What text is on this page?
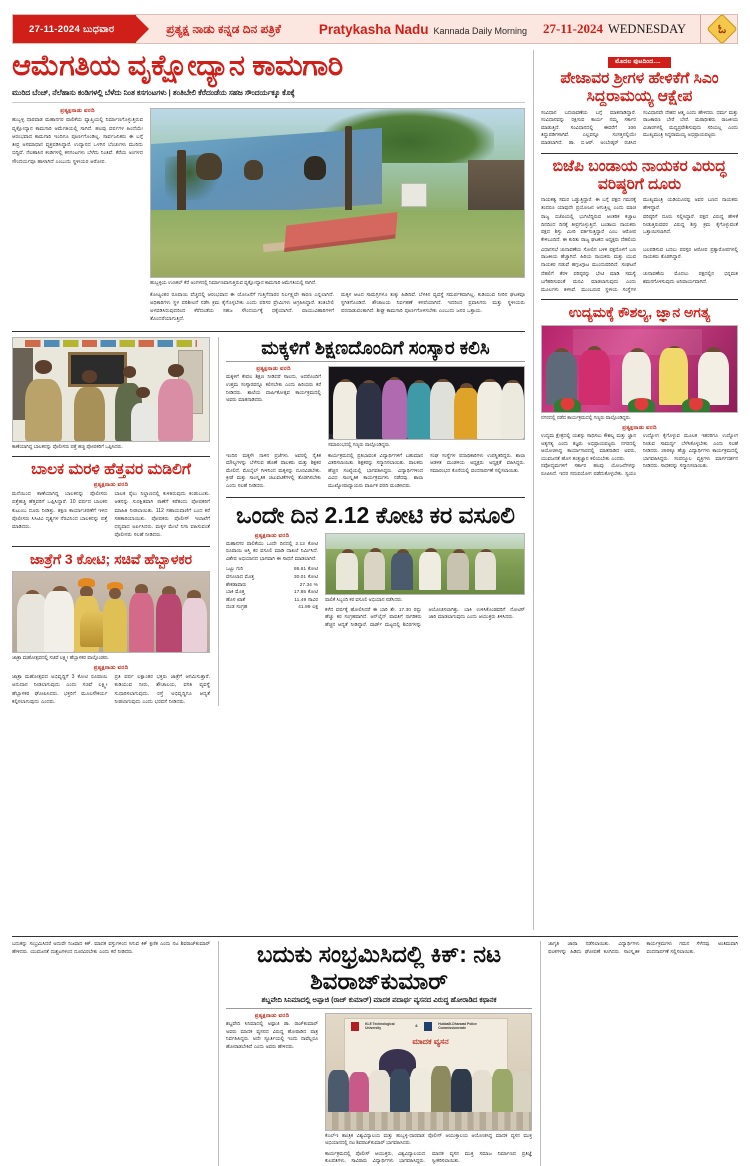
27-11-2024 ಬುಧವಾರ	ಪ್ರತ್ಯಕ್ಷ ನಾಡು ಕನ್ನಡ ದಿನ ಪತ್ರಿಕೆ	Pratykasha Nadu Kannada Daily Morning 27-11-2024 WEDNESDAY	ಓ
ಆಮೆಗತಿಯ ವೃಕ್ಷೋದ್ಯಾನ ಕಾಮಗಾರಿ
ಮುರಿದ ಬೆಂಚ್, ನೆಲೆಹಾಸು ಕಂಡಿಗಳಲ್ಲಿ ಬೆಳೆದು ನಿಂತ ಕಸಗಂಟಗಳು | ತಂತಿಬೇಲಿ ಕೆರೆದಂಡೆಯ ಸಹಜ ಸೌಂದರ್ಯಕ್ಕೂ ಕೊಕ್ಕೆ
ಪ್ರತ್ಯಕ್ಷನಾಡು ವರದಿ
ಹುಬ್ಬಳ್ಳಿ ಧಾರವಾಡ ಮಹಾನಗರ ಪಾಲಿಕೆಯ ವ್ಯಾಪ್ತಿಯಲ್ಲಿ ನಿರ್ಮಾಣಗೊಳ್ಳುತ್ತಿರುವ ವೃಕ್ಷೋದ್ಯಾನ ಕಾಮಗಾರಿ ಆಮೆಗತಿಯಲ್ಲಿ ಸಾಗಿದೆ. ಹಲವು ವರ್ಷಗಳ ಹಿಂದೆಯೇ ಆರಂಭವಾದ ಕಾಮಗಾರಿ ಇಂದಿಗೂ ಪೂರ್ಣಗೊಂಡಿಲ್ಲ. ಸಾರ್ವಜನಿಕರು ಈ ಬಗ್ಗೆ ತೀವ್ರ ಅಸಮಾಧಾನ ವ್ಯಕ್ತಪಡಿಸಿದ್ದಾರೆ. ಉದ್ಯಾನದ ಒಳಗಿನ ಬೆಂಚುಗಳು ಮುರಿದು ಬಿದ್ದಿವೆ. ನೆಲಹಾಸಿನ ಕಂಡಿಗಳಲ್ಲಿ ಕಸಗಂಟಗಳು ಬೆಳೆದು ನಿಂತಿವೆ. ಕೆರೆಯ ಅಂಗಳದ ಸೌಂದರ್ಯವೂ ಹಾಳಾಗಿದೆ ಎಂಬುದು ಸ್ಥಳೀಯರ ಆರೋಪ.
ಹುಬ್ಬಳ್ಳಿಯ ಉಣಕಲ್ ಕೆರೆ ಅಂಗಳದಲ್ಲಿ ನಿರ್ಮಾಣವಾಗುತ್ತಿರುವ ವೃಕ್ಷೋದ್ಯಾನ ಕಾಮಗಾರಿ ಆಮೆಗತಿಯಲ್ಲಿ ಸಾಗಿದೆ.
ಕೋಟ್ಯಂತರ ರೂಪಾಯಿ ವೆಚ್ಚದಲ್ಲಿ ಆರಂಭವಾದ ಈ ಯೋಜನೆಗೆ ಗುತ್ತಿಗೆದಾರರ ನಿರ್ಲಕ್ಷ್ಯವೇ ಕಾರಣ ಎನ್ನಲಾಗಿದೆ. ಅಧಿಕಾರಿಗಳು ಸ್ಥಳ ಪರಿಶೀಲನೆ ನಡೆಸಿ ಕ್ರಮ ಕೈಗೊಳ್ಳಬೇಕು ಎಂದು ಪರಿಸರ ಪ್ರೇಮಿಗಳು ಆಗ್ರಹಿಸಿದ್ದಾರೆ. ತಂತಿಬೇಲಿ ಅಳವಡಿಸಿರುವುದರಿಂದ ಕೆರೆದಂಡೆಯ ಸಹಜ ಸೌಂದರ್ಯಕ್ಕೆ ಧಕ್ಕೆಯಾಗಿದೆ. ವಾಯುವಿಹಾರಿಗಳಿಗೆ ತೊಂದರೆಯಾಗುತ್ತಿದೆ.
ಮಕ್ಕಳ ಆಟದ ಸಾಮಗ್ರಿಗಳೂ ತುಕ್ಕು ಹಿಡಿದಿವೆ. ಬೆಳಕಿನ ವ್ಯವಸ್ಥೆ ಸಮರ್ಪಕವಾಗಿಲ್ಲ. ಕುಡಿಯುವ ನೀರಿನ ಘಟಕವೂ ಸ್ಥಗಿತಗೊಂಡಿದೆ. ಶೌಚಾಲಯ ನಿರ್ವಹಣೆ ಕಳಪೆಯಾಗಿದೆ. ಇದರಿಂದ ಪ್ರವಾಸಿಗರು ಮತ್ತು ಸ್ಥಳೀಯರು ಪರದಾಡುವಂತಾಗಿದೆ. ಶೀಘ್ರ ಕಾಮಗಾರಿ ಪೂರ್ಣಗೊಳಿಸಬೇಕು ಎಂಬುದು ಜನರ ಒತ್ತಾಯ.
ಕಾಣೆಯಾಗಿದ್ದ ಬಾಲಕನನ್ನು ಪೊಲೀಸರು ಪತ್ತೆ ಹಚ್ಚಿ ಪೋಷಕರಿಗೆ ಒಪ್ಪಿಸಿದರು.
ಬಾಲಕ ಮರಳಿ ಹೆತ್ತವರ ಮಡಿಲಿಗೆ
ಪ್ರತ್ಯಕ್ಷನಾಡು ವರದಿ
ಮನೆಯಿಂದ ಕಾಣೆಯಾಗಿದ್ದ ಬಾಲಕನನ್ನು ಪೊಲೀಸರು ಪತ್ತೆಹಚ್ಚಿ ಹೆತ್ತವರಿಗೆ ಒಪ್ಪಿಸಿದ್ದಾರೆ. 10 ವರ್ಷದ ಬಾಲಕನ ಕುಟುಂಬ ದೂರು ನೀಡಿತ್ತು. ತಕ್ಷಣ ಕಾರ್ಯಾಚರಣೆಗೆ ಇಳಿದ ಪೊಲೀಸರು ಸಿಸಿಟಿವಿ ದೃಶ್ಯಗಳ ನೆರವಿನಿಂದ ಬಾಲಕನನ್ನು ಪತ್ತೆ ಮಾಡಿದರು.
ಬಾಲಕ ರೈಲು ನಿಲ್ದಾಣದಲ್ಲಿ ಕುಳಿತಿರುವುದು ಕಂಡುಬಂತು. ಆತನನ್ನು ಸುರಕ್ಷಿತವಾಗಿ ಠಾಣೆಗೆ ಕರೆತಂದು ಪೋಷಕರಿಗೆ ಮಾಹಿತಿ ನೀಡಲಾಯಿತು. 112 ಸಹಾಯವಾಣಿಗೆ ಬಂದ ಕರೆ ಸಹಕಾರಿಯಾಯಿತು. ಪೋಷಕರು ಪೊಲೀಸ್ ಇಲಾಖೆಗೆ ಧನ್ಯವಾದ ಅರ್ಪಿಸಿದರು. ಮಕ್ಕಳ ಮೇಲೆ ನಿಗಾ ವಹಿಸುವಂತೆ ಪೊಲೀಸರು ಸಲಹೆ ನೀಡಿದರು.
ಜಾತ್ರೆಗೆ 3 ಕೋಟಿ; ಸಚಿವೆ ಹೆಬ್ಬಾಳಕರ
ಜಾತ್ರಾ ಮಹೋತ್ಸವದಲ್ಲಿ ಸಚಿವೆ ಲಕ್ಷ್ಮೀ ಹೆಬ್ಬಾಳಕರ ಪಾಲ್ಗೊಂಡರು.
ಪ್ರತ್ಯಕ್ಷನಾಡು ವರದಿ
ಜಾತ್ರಾ ಮಹೋತ್ಸವದ ಅಭಿವೃದ್ಧಿಗೆ 3 ಕೋಟಿ ರೂಪಾಯಿ ಅನುದಾನ ನೀಡಲಾಗುವುದು ಎಂದು ಸಚಿವೆ ಲಕ್ಷ್ಮೀ ಹೆಬ್ಬಾಳಕರ ಘೋಷಿಸಿದರು. ಭಕ್ತರಿಗೆ ಮೂಲಸೌಕರ್ಯ ಕಲ್ಪಿಸಲಾಗುವುದು ಎಂದರು.
ಪ್ರತಿ ವರ್ಷ ಲಕ್ಷಾಂತರ ಭಕ್ತರು ಜಾತ್ರೆಗೆ ಆಗಮಿಸುತ್ತಾರೆ. ಕುಡಿಯುವ ನೀರು, ಶೌಚಾಲಯ, ವಸತಿ ವ್ಯವಸ್ಥೆ ಸುಧಾರಿಸಲಾಗುವುದು. ರಸ್ತೆ ಅಭಿವೃದ್ಧಿಗೂ ಆದ್ಯತೆ ನೀಡಲಾಗುವುದು ಎಂದು ಭರವಸೆ ನೀಡಿದರು.
ಮಕ್ಕಳಿಗೆ ಶಿಕ್ಷಣದೊಂದಿಗೆ ಸಂಸ್ಕಾರ ಕಲಿಸಿ
ಪ್ರತ್ಯಕ್ಷನಾಡು ವರದಿ
ಮಕ್ಕಳಿಗೆ ಕೇವಲ ಶಿಕ್ಷಣ ನೀಡಿದರೆ ಸಾಲದು, ಅದರೊಂದಿಗೆ ಉತ್ತಮ ಸಂಸ್ಕಾರವನ್ನೂ ಕಲಿಸಬೇಕು ಎಂದು ಹಿರಿಯರು ಕರೆ ನೀಡಿದರು. ಶಾಲೆಯ ವಾರ್ಷಿಕೋತ್ಸವ ಕಾರ್ಯಕ್ರಮದಲ್ಲಿ ಅವರು ಮಾತನಾಡಿದರು.
ಸಮಾರಂಭದಲ್ಲಿ ಗಣ್ಯರು ಪಾಲ್ಗೊಂಡಿದ್ದರು.
ಇಂದಿನ ಮಕ್ಕಳೇ ನಾಳಿನ ಪ್ರಜೆಗಳು. ಅವರಲ್ಲಿ ನೈತಿಕ ಮೌಲ್ಯಗಳನ್ನು ಬೆಳೆಸುವ ಹೊಣೆ ಪಾಲಕರು ಮತ್ತು ಶಿಕ್ಷಕರ ಮೇಲಿದೆ. ಮೊಬೈಲ್ ಗೀಳಿನಿಂದ ಮಕ್ಕಳನ್ನು ದೂರವಿಡಬೇಕು. ಕ್ರೀಡೆ ಮತ್ತು ಸಾಂಸ್ಕೃತಿಕ ಚಟುವಟಿಕೆಗಳಲ್ಲಿ ತೊಡಗಿಸಬೇಕು ಎಂದು ಸಲಹೆ ನೀಡಿದರು.
ಕಾರ್ಯಕ್ರಮದಲ್ಲಿ ಪ್ರತಿಭಾವಂತ ವಿದ್ಯಾರ್ಥಿಗಳಿಗೆ ಬಹುಮಾನ ವಿತರಿಸಲಾಯಿತು. ಶಿಕ್ಷಕರನ್ನು ಸನ್ಮಾನಿಸಲಾಯಿತು. ಪಾಲಕರು ಹೆಚ್ಚಿನ ಸಂಖ್ಯೆಯಲ್ಲಿ ಭಾಗವಹಿಸಿದ್ದರು. ವಿದ್ಯಾರ್ಥಿಗಳಿಂದ ವಿವಿಧ ಸಾಂಸ್ಕೃತಿಕ ಕಾರ್ಯಕ್ರಮಗಳು ನಡೆದವು. ಶಾಲಾ ಮುಖ್ಯೋಪಾಧ್ಯಾಯರು ವಾರ್ಷಿಕ ವರದಿ ಮಂಡಿಸಿದರು.
ಸಂಘ ಸಂಸ್ಥೆಗಳ ಪದಾಧಿಕಾರಿಗಳು ಉಪಸ್ಥಿತರಿದ್ದರು. ಶಾಲಾ ಆಡಳಿತ ಮಂಡಳಿಯ ಅಧ್ಯಕ್ಷರು ಅಧ್ಯಕ್ಷತೆ ವಹಿಸಿದ್ದರು. ಸಮಾರಂಭದ ಕೊನೆಯಲ್ಲಿ ವಂದನಾರ್ಪಣೆ ಸಲ್ಲಿಸಲಾಯಿತು.
ಒಂದೇ ದಿನ 2.12 ಕೋಟಿ ಕರ ವಸೂಲಿ
ಪ್ರತ್ಯಕ್ಷನಾಡು ವರದಿ
ಮಹಾನಗರ ಪಾಲಿಕೆಯು ಒಂದೇ ದಿನದಲ್ಲಿ 2.12 ಕೋಟಿ ರೂಪಾಯಿ ಆಸ್ತಿ ಕರ ವಸೂಲಿ ಮಾಡಿ ದಾಖಲೆ ನಿರ್ಮಿಸಿದೆ. ವಿಶೇಷ ಅಭಿಯಾನದ ಭಾಗವಾಗಿ ಈ ಸಾಧನೆ ಮಾಡಲಾಗಿದೆ.
ಒಟ್ಟು ಗುರಿ	95.61 ಕೋಟಿ
ವಸೂಲಾದ ಮೊತ್ತ	30.01 ಕೋಟಿ
ಶೇಕಡಾವಾರು	27.34 %
ಬಾಕಿ ಮೊತ್ತ	17.85 ಕೋಟಿ
ಹೊಸ ಖಾತೆ	11.49 ಸಾವಿರ
ದಂಡ ಸಂಗ್ರಹ	41.99 ಲಕ್ಷ
ಪಾಲಿಕೆ ಸಿಬ್ಬಂದಿ ಕರ ವಸೂಲಿ ಅಭಿಯಾನ ನಡೆಸಿದರು.
ಕಳೆದ ವರ್ಷಕ್ಕೆ ಹೋಲಿಸಿದರೆ ಈ ಬಾರಿ ಶೇ. 17.30 ರಷ್ಟು ಹೆಚ್ಚು ಕರ ಸಂಗ್ರಹವಾಗಿದೆ. ಆನ್‌ಲೈನ್ ಪಾವತಿಗೆ ನಾಗರಿಕರು ಹೆಚ್ಚಿನ ಆದ್ಯತೆ ನೀಡಿದ್ದಾರೆ. ವಾರ್ಡ್ ಮಟ್ಟದಲ್ಲಿ ಶಿಬಿರಗಳನ್ನು ಆಯೋಜಿಸಲಾಗಿತ್ತು. ಬಾಕಿ ಉಳಿಸಿಕೊಂಡವರಿಗೆ ನೋಟಿಸ್ ಜಾರಿ ಮಾಡಲಾಗುವುದು ಎಂದು ಆಯುಕ್ತರು ತಿಳಿಸಿದರು.
ಮೊದಲ ಪುಟದಿಂದ....
ಪೇಜಾವರ ಶ್ರೀಗಳ ಹೇಳಿಕೆಗೆ ಸಿಎಂ ಸಿದ್ದರಾಮಯ್ಯ ಆಕ್ಷೇಪ
ಸಂವಿಧಾನ ಬದಲಾವಣೆಯ ಬಗ್ಗೆ ಮಾತನಾಡಿದ್ದಾರೆ. ಸಂವಿಧಾನವನ್ನು ರಕ್ಷಿಸುವ ಕಾರ್ಯ ನಮ್ಮ ಸರ್ಕಾರ ಮಾಡುತ್ತಿದೆ. ಸಂವಿಧಾನದಲ್ಲಿ ಈವರೆಗೆ 106 ತಿದ್ದುಪಡಿಗಳಾಗಿವೆ. ಎಲ್ಲವನ್ನೂ ಸಂಸತ್ತಿನಲ್ಲಿಯೇ ಮಾಡಲಾಗಿದೆ. ಡಾ. ಬಿ.ಆರ್. ಅಂಬೇಡ್ಕರ್ ರಚಿಸಿದ ಸಂವಿಧಾನವೇ ದೇಶದ ಆತ್ಮ ಎಂದು ಹೇಳಿದರು. ಧರ್ಮ ಮತ್ತು ರಾಜಕಾರಣ ಬೇರೆ ಬೇರೆ. ಮಠಾಧೀಶರು ರಾಜಕೀಯ ವಿಚಾರಗಳಲ್ಲಿ ಮಧ್ಯಪ್ರವೇಶಿಸುವುದು ಸರಿಯಲ್ಲ ಎಂದು ಮುಖ್ಯಮಂತ್ರಿ ಸಿದ್ದರಾಮಯ್ಯ ಅಭಿಪ್ರಾಯಪಟ್ಟರು.
ಬಿಜೆಪಿ ಬಂಡಾಯ ನಾಯಕರ ವಿರುದ್ಧ ವರಿಷ್ಠರಿಗೆ ದೂರು
ನಾಯಕತ್ವ ಸಮರ ಒಡ್ಡುತ್ತಿದ್ದಾರೆ. ಈ ಬಗ್ಗೆ ಪಕ್ಷದ ಗಮನಕ್ಕೆ ತಂದರೂ ಯಾವುದೇ ಪ್ರಯೋಜನ ಆಗುತ್ತಿಲ್ಲ ಎಂದು ಮಾಜಿ ಮುಖ್ಯಮಂತ್ರಿ ಯಡಿಯೂರಪ್ಪ ಅವರ ಬಣದ ನಾಯಕರು ಹೇಳಿದ್ದಾರೆ.
ರಾಜ್ಯ ಬಿಜೆಪಿಯಲ್ಲಿ ಭುಗಿಲೆದ್ದಿರುವ ಆಂತರಿಕ ಕಚ್ಚಾಟ ದಿನದಿಂದ ದಿನಕ್ಕೆ ತೀವ್ರಗೊಳ್ಳುತ್ತಿದೆ. ಬಂಡಾಯ ನಾಯಕರು ಪಕ್ಷದ ಶಿಸ್ತು ಮೀರಿ ವರ್ತಿಸುತ್ತಿದ್ದಾರೆ ಎಂಬ ಆರೋಪ ಕೇಳಿಬಂದಿದೆ. ಈ ಕುರಿತು ರಾಜ್ಯ ಘಟಕದ ಅಧ್ಯಕ್ಷರು ದೆಹಲಿಯ ವರಿಷ್ಠರಿಗೆ ದೂರು ಸಲ್ಲಿಸಿದ್ದಾರೆ. ಪಕ್ಷದ ವಿರುದ್ಧ ಹೇಳಿಕೆ ನೀಡುತ್ತಿರುವವರ ವಿರುದ್ಧ ಶಿಸ್ತು ಕ್ರಮ ಕೈಗೊಳ್ಳುವಂತೆ ಒತ್ತಾಯಿಸಲಾಗಿದೆ.
ವಿಧಾನಸಭೆ ಚುನಾವಣೆಯ ಸೋಲಿನ ಬಳಿಕ ಪಕ್ಷದೊಳಗೆ ಬಣ ರಾಜಕೀಯ ಹೆಚ್ಚಾಗಿದೆ. ಹಿರಿಯ ನಾಯಕರು ಮತ್ತು ಯುವ ನಾಯಕರ ನಡುವೆ ಹಗ್ಗಜಗ್ಗಾಟ ಮುಂದುವರಿದಿದೆ. ಸಂಘಟನೆ ಬಲಪಡಿಸುವ ಬದಲು ಪರಸ್ಪರ ಆರೋಪ ಪ್ರತ್ಯಾರೋಪಗಳಲ್ಲಿ ನಾಯಕರು ತೊಡಗಿದ್ದಾರೆ.
ದೆಹಲಿಗೆ ತೆರಳಿ ವರಿಷ್ಠರನ್ನು ಭೇಟಿ ಮಾಡಿ ಸಮಸ್ಯೆ ಬಗೆಹರಿಸುವಂತೆ ಮನವಿ ಮಾಡಲಾಗುವುದು ಎಂದು ಮೂಲಗಳು ತಿಳಿಸಿವೆ. ಮುಂಬರುವ ಸ್ಥಳೀಯ ಸಂಸ್ಥೆಗಳ ಚುನಾವಣೆಯ ಮೊದಲು ಪಕ್ಷದಲ್ಲಿನ ಭಿನ್ನಮತ ಶಮನಗೊಳಿಸುವುದು ಅನಿವಾರ್ಯವಾಗಿದೆ.
ಉದ್ಯಮಕ್ಕೆ ಕೌಶಲ್ಯ, ಜ್ಞಾನ ಅಗತ್ಯ
ನಗರದಲ್ಲಿ ನಡೆದ ಕಾರ್ಯಕ್ರಮದಲ್ಲಿ ಗಣ್ಯರು ಪಾಲ್ಗೊಂಡಿದ್ದರು.
ಪ್ರತ್ಯಕ್ಷನಾಡು ವರದಿ
ಉದ್ಯಮ ಕ್ಷೇತ್ರದಲ್ಲಿ ಯಶಸ್ಸು ಸಾಧಿಸಲು ಕೌಶಲ್ಯ ಮತ್ತು ಜ್ಞಾನ ಅತ್ಯಗತ್ಯ ಎಂದು ತಜ್ಞರು ಅಭಿಪ್ರಾಯಪಟ್ಟರು. ನಗರದಲ್ಲಿ ಆಯೋಜಿಸಿದ್ದ ಕಾರ್ಯಾಗಾರದಲ್ಲಿ ಮಾತನಾಡಿದ ಅವರು, ಯುವಜನತೆ ಹೊಸ ತಂತ್ರಜ್ಞಾನ ಕಲಿಯಬೇಕು ಎಂದರು.
ನವೋದ್ಯಮಗಳಿಗೆ ಸರ್ಕಾರ ಹಲವು ಯೋಜನೆಗಳನ್ನು ರೂಪಿಸಿದೆ. ಇದರ ಸದುಪಯೋಗ ಪಡೆದುಕೊಳ್ಳಬೇಕು. ಸ್ವಯಂ ಉದ್ಯೋಗ ಕೈಗೊಳ್ಳುವ ಮೂಲಕ ಇತರರಿಗೂ ಉದ್ಯೋಗ ನೀಡುವ ಸಾಮರ್ಥ್ಯ ಬೆಳೆಸಿಕೊಳ್ಳಬೇಕು ಎಂದು ಸಲಹೆ ನೀಡಿದರು. 250ಕ್ಕೂ ಹೆಚ್ಚು ವಿದ್ಯಾರ್ಥಿಗಳು ಕಾರ್ಯಕ್ರಮದಲ್ಲಿ ಭಾಗವಹಿಸಿದ್ದರು. ಸಂಪನ್ಮೂಲ ವ್ಯಕ್ತಿಗಳು ಮಾರ್ಗದರ್ಶನ ನೀಡಿದರು. ಸಾಧಕರನ್ನು ಸನ್ಮಾನಿಸಲಾಯಿತು.
ಬದುಕನ್ನು ಸಂಭ್ರಮಿಸಿದರೆ ಅದುವೇ ನಿಜವಾದ ಕಿಕ್. ಮಾದಕ ವಸ್ತುಗಳಿಂದ ಸಿಗುವ ಕಿಕ್ ಕ್ಷಣಿಕ ಎಂದು ನಟ ಶಿವರಾಜ್‌ಕುಮಾರ್ ಹೇಳಿದರು. ಯುವಜನತೆ ದುಶ್ಚಟಗಳಿಂದ ದೂರವಿರಬೇಕು ಎಂದು ಕರೆ ನೀಡಿದರು.	ಬದುಕು ಸಂಭ್ರಮಿಸಿದಲ್ಲಿ ಕಿಕ್: ನಟ ಶಿವರಾಜ್‌ಕುಮಾರ್
ಶಬ್ದವೇದಿ ಸಿನಿಮಾದಲ್ಲಿ ಅಪ್ಪಾಜಿ (ರಾಜ್ ಕುಮಾರ್) ಮಾದಕ ಪದಾರ್ಥ ವ್ಯಸನದ ವಿರುದ್ಧ ಹೋರಾಡಿದ ಕಥಾನಕ
ಪ್ರತ್ಯಕ್ಷನಾಡು ವರದಿ
ಶಬ್ದವೇದಿ ಸಿನಿಮಾದಲ್ಲಿ ಅಪ್ಪಾಜಿ ಡಾ. ರಾಜ್‌ಕುಮಾರ್ ಅವರು ಮಾದಕ ವ್ಯಸನದ ವಿರುದ್ಧ ಹೋರಾಡಿದ ಪಾತ್ರ ನಿರ್ವಹಿಸಿದ್ದರು. ಅದೇ ಸ್ಫೂರ್ತಿಯಲ್ಲಿ ಇಂದು ನಾವೆಲ್ಲರೂ ಹೋರಾಡಬೇಕಿದೆ ಎಂದು ಅವರು ಹೇಳಿದರು.
KLE Technological University	&	Hubballi-Dharwad Police Commissionerate
ಮಾದಕ ವ್ಯಸನ
ಕೆಎಲ್‌ಇ ತಾಂತ್ರಿಕ ವಿಶ್ವವಿದ್ಯಾಲಯ ಮತ್ತು ಹುಬ್ಬಳ್ಳಿ-ಧಾರವಾಡ ಪೊಲೀಸ್ ಆಯುಕ್ತಾಲಯ ಆಯೋಜಿಸಿದ್ದ ಮಾದಕ ವ್ಯಸನ ಮುಕ್ತ ಅಭಿಯಾನದಲ್ಲಿ ನಟ ಶಿವರಾಜ್‌ಕುಮಾರ್ ಭಾಗವಹಿಸಿದರು.
ಕಾರ್ಯಕ್ರಮದಲ್ಲಿ ಪೊಲೀಸ್ ಆಯುಕ್ತರು, ವಿಶ್ವವಿದ್ಯಾಲಯದ ಕುಲಪತಿಗಳು, ಸಾವಿರಾರು ವಿದ್ಯಾರ್ಥಿಗಳು ಭಾಗವಹಿಸಿದ್ದರು. ಮಾದಕ ವ್ಯಸನ ಮುಕ್ತ ಸಮಾಜ ನಿರ್ಮಾಣದ ಪ್ರತಿಜ್ಞೆ ಸ್ವೀಕರಿಸಲಾಯಿತು.
ಜಾಗೃತಿ ಜಾಥಾ ನಡೆಸಲಾಯಿತು. ವಿದ್ಯಾರ್ಥಿಗಳು ಫಲಕಗಳನ್ನು ಹಿಡಿದು ಘೋಷಣೆ ಕೂಗಿದರು. ಸಾಂಸ್ಕೃತಿಕ ಕಾರ್ಯಕ್ರಮಗಳು ಗಮನ ಸೆಳೆದವು. ಅಂತಿಮವಾಗಿ ವಂದನಾರ್ಪಣೆ ಸಲ್ಲಿಸಲಾಯಿತು.
